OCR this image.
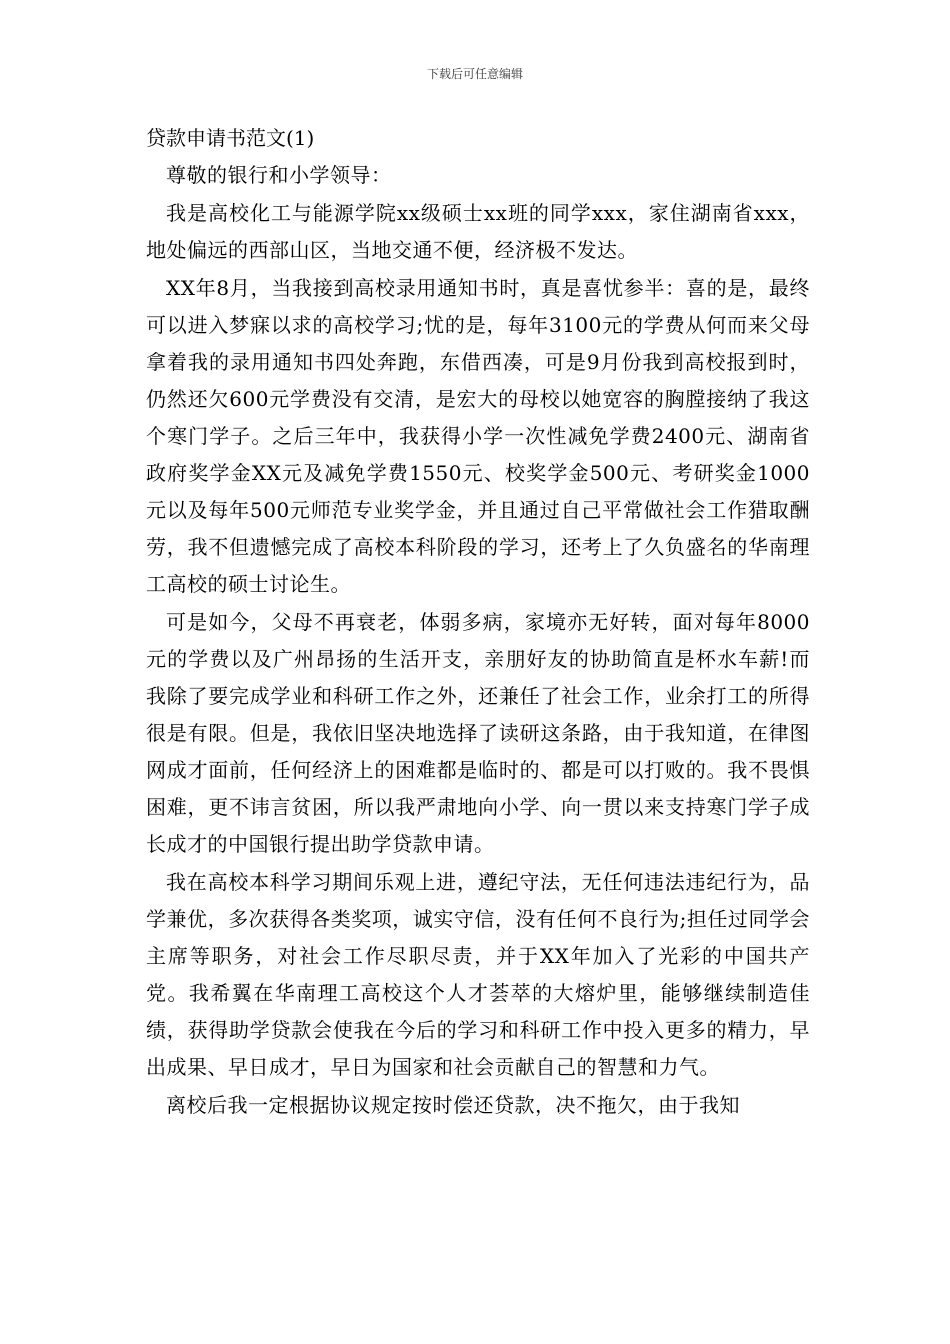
下载后可任意编辑
贷款申请书范文(1)

尊敬的银行和小学领导：

我是高校化工与能源学院xx级硕士xx班的同学xxx，家住湖南省xxx，地处偏远的西部山区，当地交通不便，经济极不发达。

XX年8月，当我接到高校录用通知书时，真是喜忧参半：喜的是，最终可以进入梦寐以求的高校学习;忧的是，每年3100元的学费从何而来父母拿着我的录用通知书四处奔跑，东借西凑，可是9月份我到高校报到时，仍然还欠600元学费没有交清，是宏大的母校以她宽容的胸膛接纳了我这个寒门学子。之后三年中，我获得小学一次性减免学费2400元、湖南省政府奖学金XX元及减免学费1550元、校奖学金500元、考研奖金1000元以及每年500元师范专业奖学金，并且通过自己平常做社会工作猎取酬劳，我不但遗憾完成了高校本科阶段的学习，还考上了久负盛名的华南理工高校的硕士讨论生。

可是如今，父母不再衰老，体弱多病，家境亦无好转，面对每年8000元的学费以及广州昂扬的生活开支，亲朋好友的协助简直是杯水车薪!而我除了要完成学业和科研工作之外，还兼任了社会工作，业余打工的所得很是有限。但是，我依旧坚决地选择了读研这条路，由于我知道，在律图网成才面前，任何经济上的困难都是临时的、都是可以打败的。我不畏惧困难，更不讳言贫困，所以我严肃地向小学、向一贯以来支持寒门学子成长成才的中国银行提出助学贷款申请。

我在高校本科学习期间乐观上进，遵纪守法，无任何违法违纪行为，品学兼优，多次获得各类奖项，诚实守信，没有任何不良行为;担任过同学会主席等职务，对社会工作尽职尽责，并于XX年加入了光彩的中国共产党。我希翼在华南理工高校这个人才荟萃的大熔炉里，能够继续制造佳绩，获得助学贷款会使我在今后的学习和科研工作中投入更多的精力，早出成果、早日成才，早日为国家和社会贡献自己的智慧和力气。

离校后我一定根据协议规定按时偿还贷款，决不拖欠，由于我知
